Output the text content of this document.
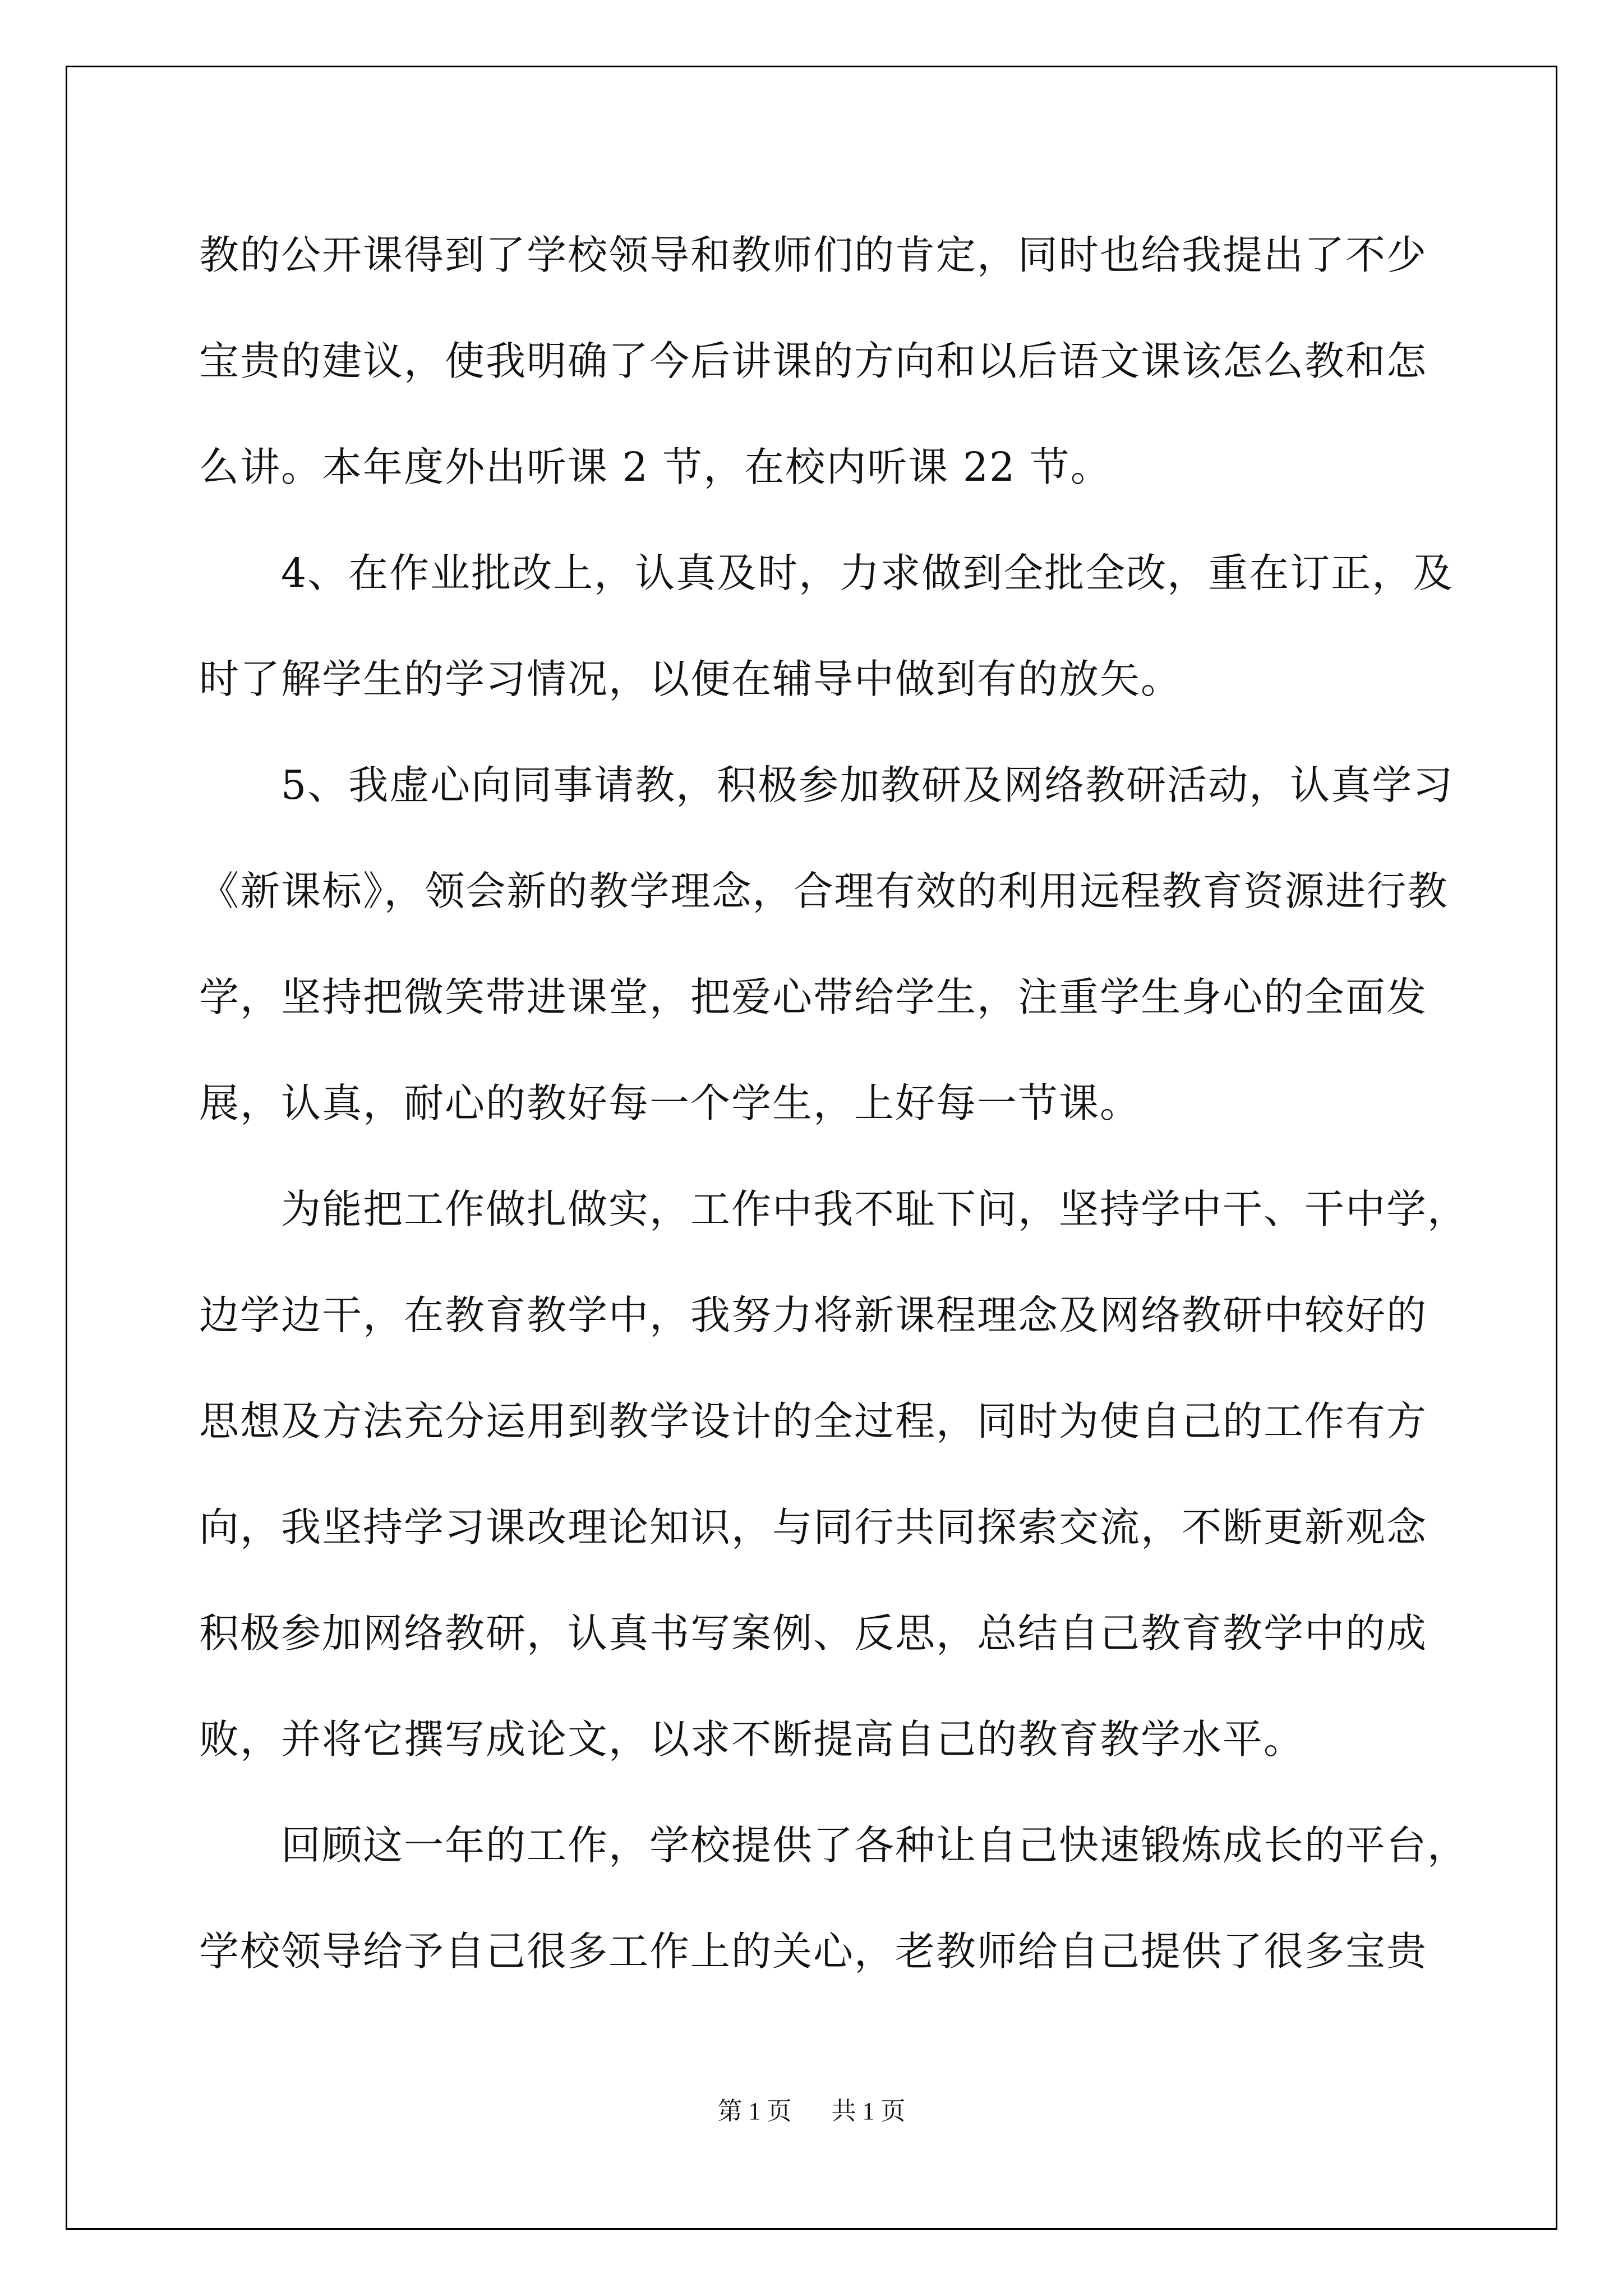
教的公开课得到了学校领导和教师们的肯定，同时也给我提出了不少
宝贵的建议，使我明确了今后讲课的方向和以后语文课该怎么教和怎
么讲。本年度外出听课 2 节，在校内听课 22 节。
4、在作业批改上，认真及时，力求做到全批全改，重在订正，及
时了解学生的学习情况，以便在辅导中做到有的放矢。
5、我虚心向同事请教，积极参加教研及网络教研活动，认真学习
《新课标》，领会新的教学理念，合理有效的利用远程教育资源进行教
学，坚持把微笑带进课堂，把爱心带给学生，注重学生身心的全面发
展，认真，耐心的教好每一个学生，上好每一节课。
为能把工作做扎做实，工作中我不耻下问，坚持学中干、干中学，
边学边干，在教育教学中，我努力将新课程理念及网络教研中较好的
思想及方法充分运用到教学设计的全过程，同时为使自己的工作有方
向，我坚持学习课改理论知识，与同行共同探索交流，不断更新观念
积极参加网络教研，认真书写案例、反思，总结自己教育教学中的成
败，并将它撰写成论文，以求不断提高自己的教育教学水平。
回顾这一年的工作，学校提供了各种让自己快速锻炼成长的平台，
学校领导给予自己很多工作上的关心，老教师给自己提供了很多宝贵
第 1 页 共 1 页
